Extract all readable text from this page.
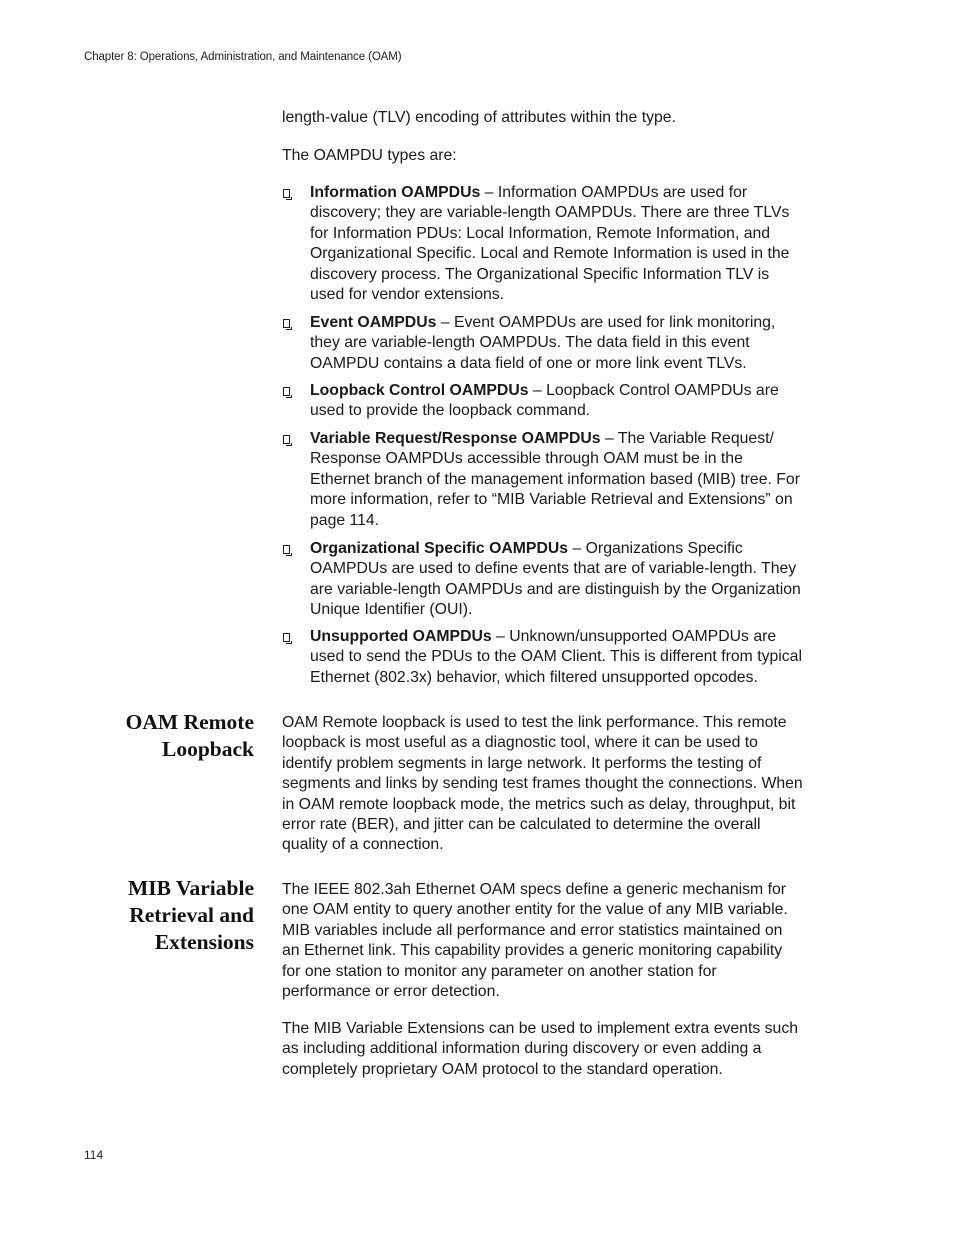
Chapter 8: Operations, Administration, and Maintenance (OAM)

length-value (TLV) encoding of attributes within the type.

The OAMPDU types are:

Information OAMPDUs – Information OAMPDUs are used for
discovery; they are variable-length OAMPDUs. There are three TLVs
for Information PDUs: Local Information, Remote Information, and
Organizational Specific. Local and Remote Information is used in the
discovery process. The Organizational Specific Information TLV is
used for vendor extensions.
Event OAMPDUs – Event OAMPDUs are used for link monitoring,
they are variable-length OAMPDUs. The data field in this event
OAMPDU contains a data field of one or more link event TLVs.
Loopback Control OAMPDUs – Loopback Control OAMPDUs are
used to provide the loopback command.
Variable Request/Response OAMPDUs – The Variable Request/
Response OAMPDUs accessible through OAM must be in the
Ethernet branch of the management information based (MIB) tree. For
more information, refer to “MIB Variable Retrieval and Extensions” on
page 114.
Organizational Specific OAMPDUs – Organizations Specific
OAMPDUs are used to define events that are of variable-length. They
are variable-length OAMPDUs and are distinguish by the Organization
Unique Identifier (OUI).
Unsupported OAMPDUs – Unknown/unsupported OAMPDUs are
used to send the PDUs to the OAM Client. This is different from typical
Ethernet (802.3x) behavior, which filtered unsupported opcodes.
OAM Remote
Loopback
OAM Remote loopback is used to test the link performance. This remote
loopback is most useful as a diagnostic tool, where it can be used to
identify problem segments in large network. It performs the testing of
segments and links by sending test frames thought the connections. When
in OAM remote loopback mode, the metrics such as delay, throughput, bit
error rate (BER), and jitter can be calculated to determine the overall
quality of a connection.
MIB Variable
Retrieval and
Extensions
The IEEE 802.3ah Ethernet OAM specs define a generic mechanism for
one OAM entity to query another entity for the value of any MIB variable.
MIB variables include all performance and error statistics maintained on
an Ethernet link. This capability provides a generic monitoring capability
for one station to monitor any parameter on another station for
performance or error detection.
The MIB Variable Extensions can be used to implement extra events such
as including additional information during discovery or even adding a
completely proprietary OAM protocol to the standard operation.
114
